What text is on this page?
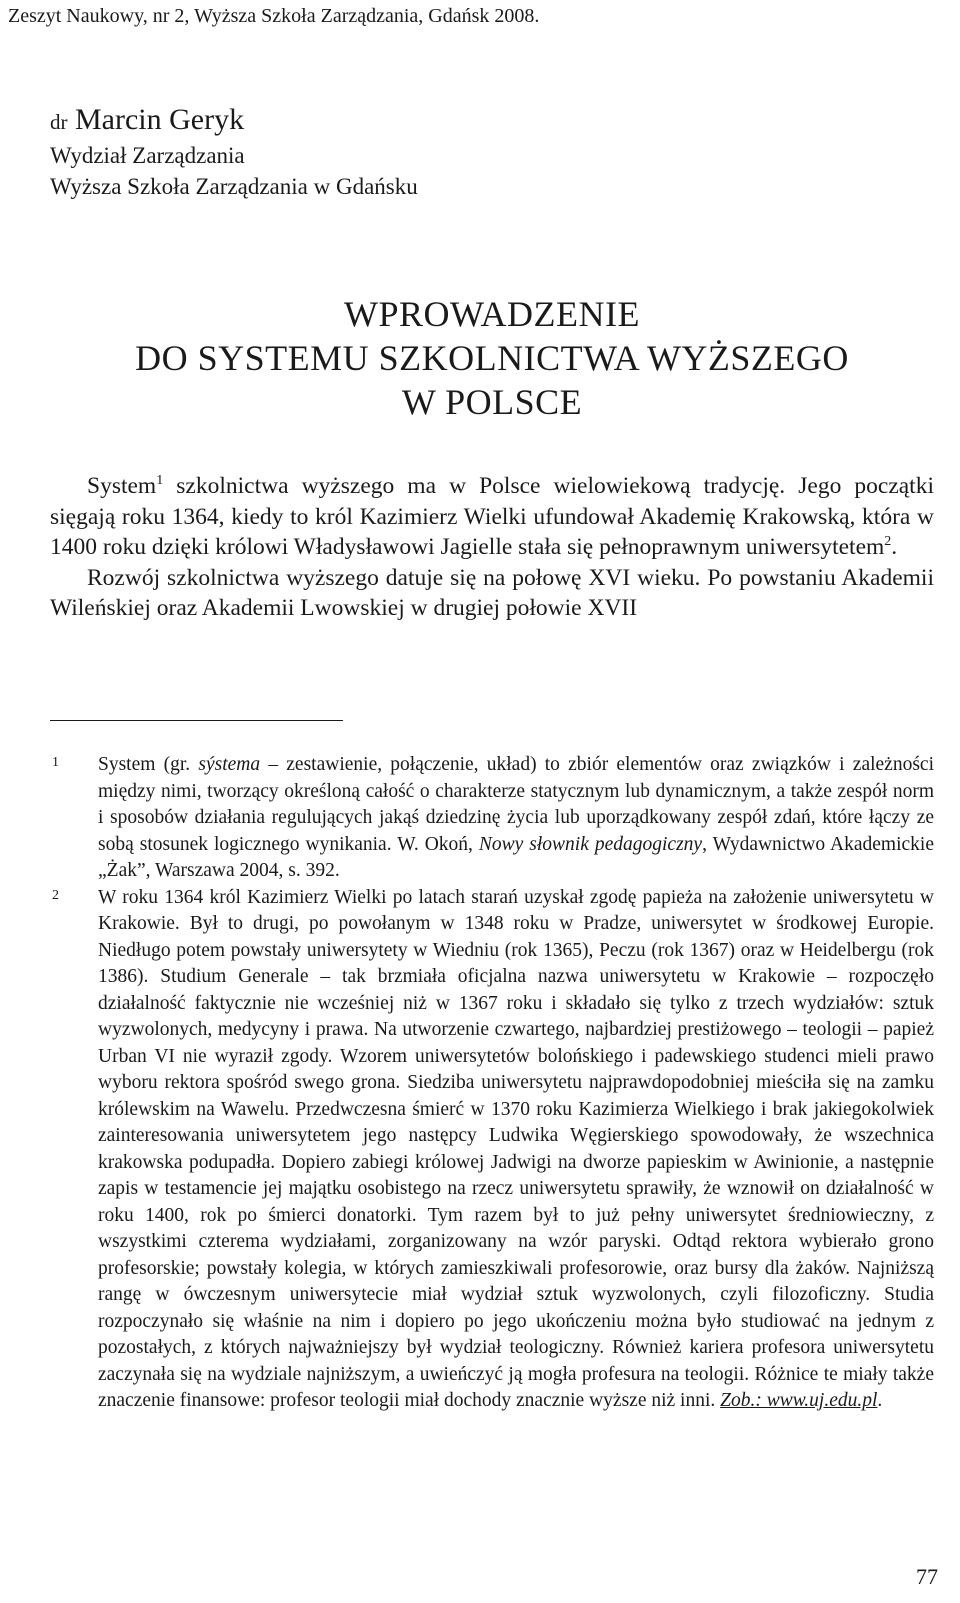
Zeszyt Naukowy, nr 2, Wyższa Szkoła Zarządzania, Gdańsk 2008.
dr Marcin Geryk
Wydział Zarządzania
Wyższa Szkoła Zarządzania w Gdańsku
WPROWADZENIE
DO SYSTEMU SZKOLNICTWA WYŻSZEGO
W POLSCE

System$^1$ szkolnictwa wyższego ma w Polsce wielowiekową tradycję. Jego początki sięgają roku 1364, kiedy to król Kazimierz Wielki ufundował Akademię Krakowską, która w 1400 roku dzięki królowi Władysławowi Jagielle stała się pełnoprawnym uniwersytetem$^2$.

Rozwój szkolnictwa wyższego datuje się na połowę XVI wieku. Po powstaniu Akademii Wileńskiej oraz Akademii Lwowskiej w drugiej połowie XVII

1 System (gr. sýstema – zestawienie, połączenie, układ) to zbiór elementów oraz związków i zależności między nimi, tworzący określoną całość o charakterze statycznym lub dynamicznym, a także zespół norm i sposobów działania regulujących jakąś dziedzinę życia lub uporządkowany zespół zdań, które łączy ze sobą stosunek logicznego wynikania. W. Okoń, Nowy słownik pedagogiczny, Wydawnictwo Akademickie „Żak”, Warszawa 2004, s. 392.
2 W roku 1364 król Kazimierz Wielki po latach starań uzyskał zgodę papieża na założenie uniwersytetu w Krakowie. Był to drugi, po powołanym w 1348 roku w Pradze, uniwersytet w środkowej Europie. Niedługo potem powstały uniwersytety w Wiedniu (rok 1365), Peczu (rok 1367) oraz w Heidelbergu (rok 1386). Studium Generale – tak brzmiała oficjalna nazwa uniwersytetu w Krakowie – rozpoczęło działalność faktycznie nie wcześniej niż w 1367 roku i składało się tylko z trzech wydziałów: sztuk wyzwolonych, medycyny i prawa. Na utworzenie czwartego, najbardziej prestiżowego – teologii – papież Urban VI nie wyraził zgody. Wzorem uniwersytetów bolońskiego i padewskiego studenci mieli prawo wyboru rektora spośród swego grona. Siedziba uniwersytetu najprawdopodobniej mieściła się na zamku królewskim na Wawelu. Przedwczesna śmierć w 1370 roku Kazimierza Wielkiego i brak jakiegokolwiek zainteresowania uniwersytetem jego następcy Ludwika Węgierskiego spowodowały, że wszechnica krakowska podupadła. Dopiero zabiegi królowej Jadwigi na dworze papieskim w Awinionie, a następnie zapis w testamencie jej majątku osobistego na rzecz uniwersytetu sprawiły, że wznowił on działalność w roku 1400, rok po śmierci donatorki. Tym razem był to już pełny uniwersytet średniowieczny, z wszystkimi czterema wydziałami, zorganizowany na wzór paryski. Odtąd rektora wybierało grono profesorskie; powstały kolegia, w których zamieszkiwali profesorowie, oraz bursy dla żaków. Najniższą rangę w ówczesnym uniwersytecie miał wydział sztuk wyzwolonych, czyli filozoficzny. Studia rozpoczynało się właśnie na nim i dopiero po jego ukończeniu można było studiować na jednym z pozostałych, z których najważniejszy był wydział teologiczny. Również kariera profesora uniwersytetu zaczynała się na wydziale najniższym, a uwieńczyć ją mogła profesura na teologii. Różnice te miały także znaczenie finansowe: profesor teologii miał dochody znacznie wyższe niż inni. Zob.: www.uj.edu.pl.
77
